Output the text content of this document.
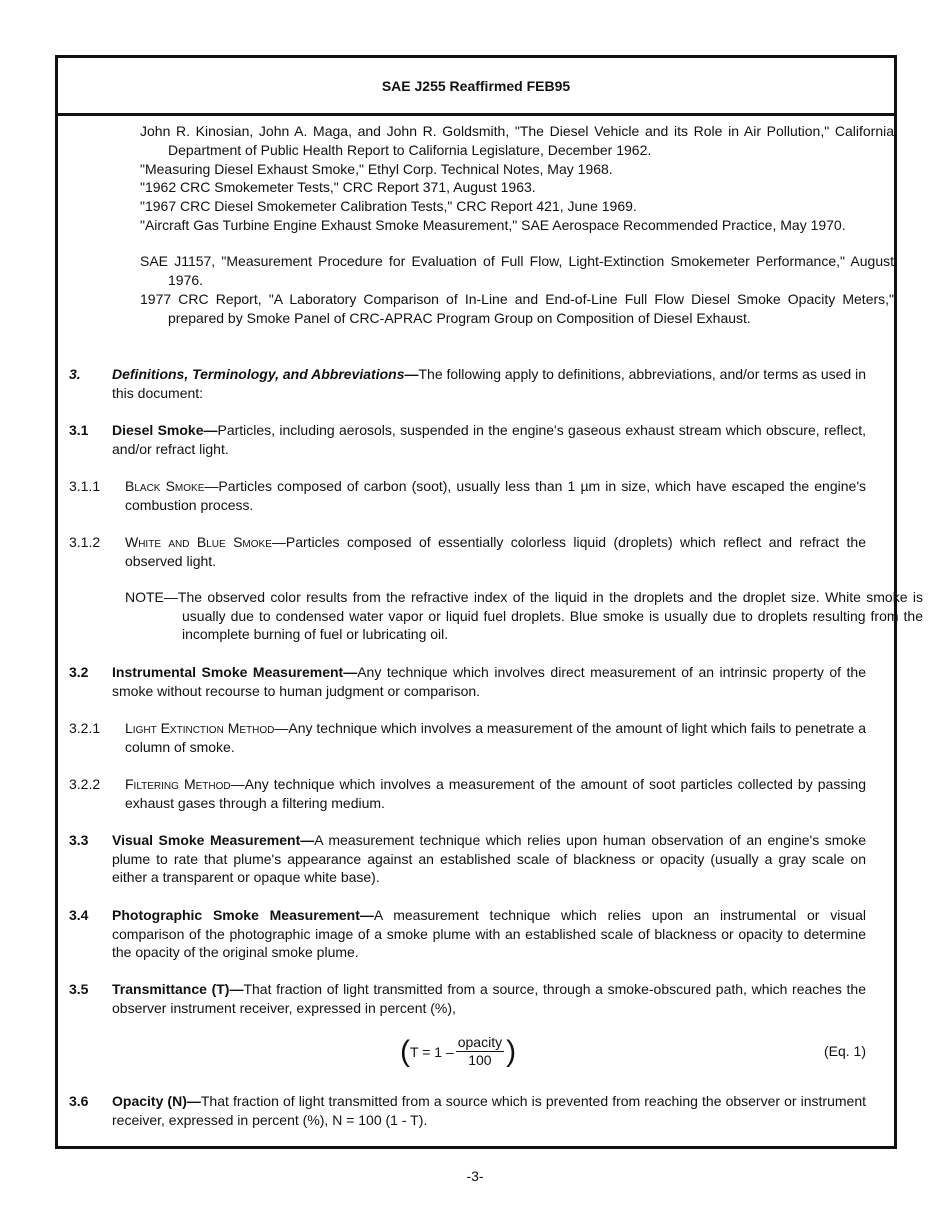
SAE J255 Reaffirmed FEB95
John R. Kinosian, John A. Maga, and John R. Goldsmith, "The Diesel Vehicle and its Role in Air Pollution," California Department of Public Health Report to California Legislature, December 1962.
"Measuring Diesel Exhaust Smoke," Ethyl Corp. Technical Notes, May 1968.
"1962 CRC Smokemeter Tests," CRC Report 371, August 1963.
"1967 CRC Diesel Smokemeter Calibration Tests," CRC Report 421, June 1969.
"Aircraft Gas Turbine Engine Exhaust Smoke Measurement," SAE Aerospace Recommended Practice, May 1970.
SAE J1157, "Measurement Procedure for Evaluation of Full Flow, Light-Extinction Smokemeter Performance," August 1976.
1977 CRC Report, "A Laboratory Comparison of In-Line and End-of-Line Full Flow Diesel Smoke Opacity Meters," prepared by Smoke Panel of CRC-APRAC Program Group on Composition of Diesel Exhaust.
3. Definitions, Terminology, and Abbreviations—The following apply to definitions, abbreviations, and/or terms as used in this document:
3.1 Diesel Smoke—Particles, including aerosols, suspended in the engine's gaseous exhaust stream which obscure, reflect, and/or refract light.
3.1.1 Black Smoke—Particles composed of carbon (soot), usually less than 1 µm in size, which have escaped the engine's combustion process.
3.1.2 White and Blue Smoke—Particles composed of essentially colorless liquid (droplets) which reflect and refract the observed light.
NOTE—The observed color results from the refractive index of the liquid in the droplets and the droplet size. White smoke is usually due to condensed water vapor or liquid fuel droplets. Blue smoke is usually due to droplets resulting from the incomplete burning of fuel or lubricating oil.
3.2 Instrumental Smoke Measurement—Any technique which involves direct measurement of an intrinsic property of the smoke without recourse to human judgment or comparison.
3.2.1 Light Extinction Method—Any technique which involves a measurement of the amount of light which fails to penetrate a column of smoke.
3.2.2 Filtering Method—Any technique which involves a measurement of the amount of soot particles collected by passing exhaust gases through a filtering medium.
3.3 Visual Smoke Measurement—A measurement technique which relies upon human observation of an engine's smoke plume to rate that plume's appearance against an established scale of blackness or opacity (usually a gray scale on either a transparent or opaque white base).
3.4 Photographic Smoke Measurement—A measurement technique which relies upon an instrumental or visual comparison of the photographic image of a smoke plume with an established scale of blackness or opacity to determine the opacity of the original smoke plume.
3.5 Transmittance (T)—That fraction of light transmitted from a source, through a smoke-obscured path, which reaches the observer instrument receiver, expressed in percent (%),
( $T = 1 - \frac{\text{opacity}}{100}$ )	(Eq. 1)
3.6 Opacity (N)—That fraction of light transmitted from a source which is prevented from reaching the observer or instrument receiver, expressed in percent (%), N = 100 (1 - T).
-3-
